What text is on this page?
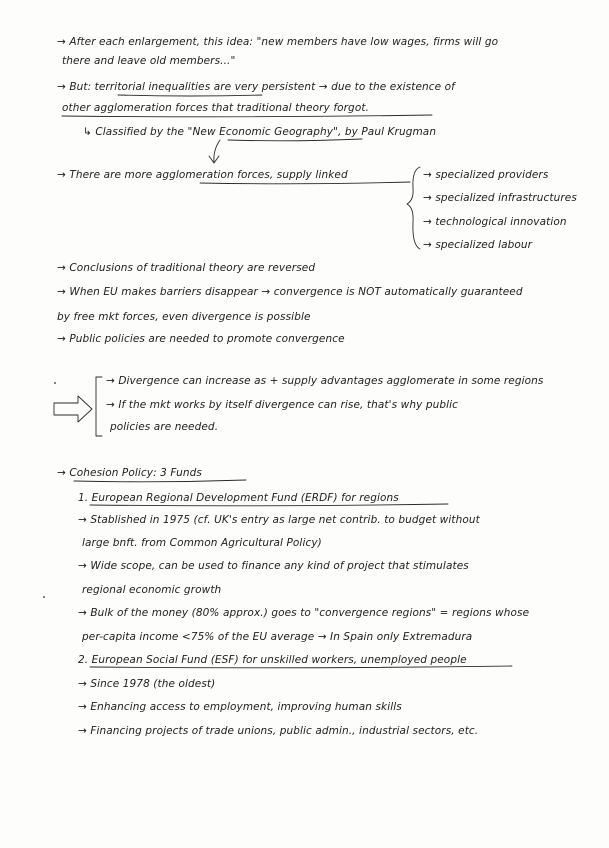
→ After each enlargement, this idea: "new members have low wages, firms will go
there and leave old members..."
→ But: territorial inequalities are very persistent → due to the existence of
other agglomeration forces that traditional theory forgot.
↳ Classified by the "New Economic Geography", by Paul Krugman
→ There are more agglomeration forces, supply linked	→ specialized providers
→ specialized infrastructures
→ technological innovation
→ specialized labour
→ Conclusions of traditional theory are reversed
→ When EU makes barriers disappear → convergence is NOT automatically guaranteed
by free mkt forces, even divergence is possible
→ Public policies are needed to promote convergence
→ Divergence can increase as + supply advantages agglomerate in some regions
→ If the mkt works by itself divergence can rise, that's why public
policies are needed.
→ Cohesion Policy: 3 Funds
1. European Regional Development Fund (ERDF) for regions
→ Stablished in 1975 (cf. UK's entry as large net contrib. to budget without
large bnft. from Common Agricultural Policy)
→ Wide scope, can be used to finance any kind of project that stimulates
regional economic growth
→ Bulk of the money (80% approx.) goes to "convergence regions" = regions whose
per-capita income <75% of the EU average → In Spain only Extremadura
2. European Social Fund (ESF) for unskilled workers, unemployed people
→ Since 1978 (the oldest)
→ Enhancing access to employment, improving human skills
→ Financing projects of trade unions, public admin., industrial sectors, etc.
